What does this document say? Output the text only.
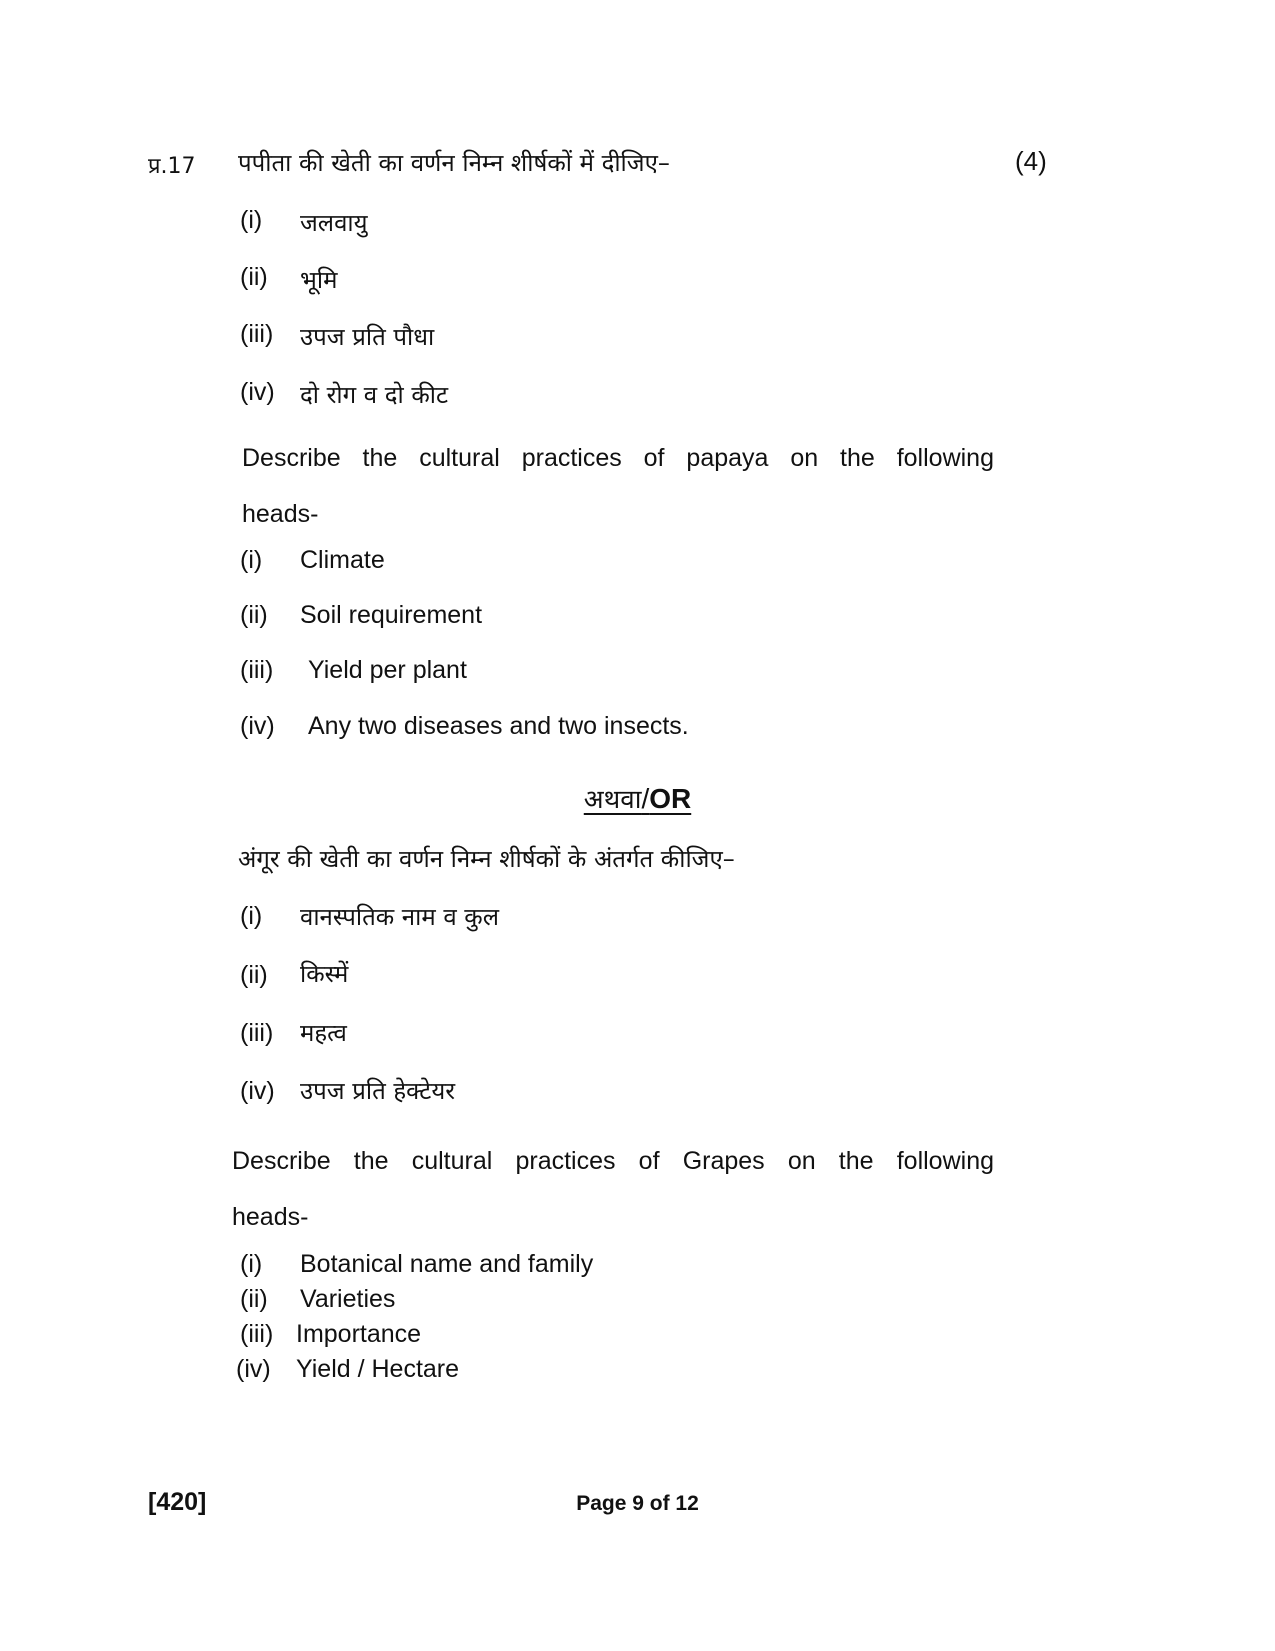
प्र.17 पपीता की खेती का वर्णन निम्न शीर्षकों में दीजिए–	(4)
(i) जलवायु
(ii) भूमि
(iii) उपज प्रति पौधा
(iv) दो रोग व दो कीट
Describe the cultural practices of papaya on the following
heads-
(i) Climate
(ii) Soil requirement
(iii) Yield per plant
(iv) Any two diseases and two insects.
अथवा/OR
अंगूर की खेती का वर्णन निम्न शीर्षकों के अंतर्गत कीजिए–
(i) वानस्पतिक नाम व कुल
(ii) किस्में
(iii) महत्व
(iv) उपज प्रति हेक्टेयर
Describe the cultural practices of Grapes on the following
heads-
(i) Botanical name and family
(ii) Varieties
(iii) Importance
(iv) Yield / Hectare
[420]	Page 9 of 12
